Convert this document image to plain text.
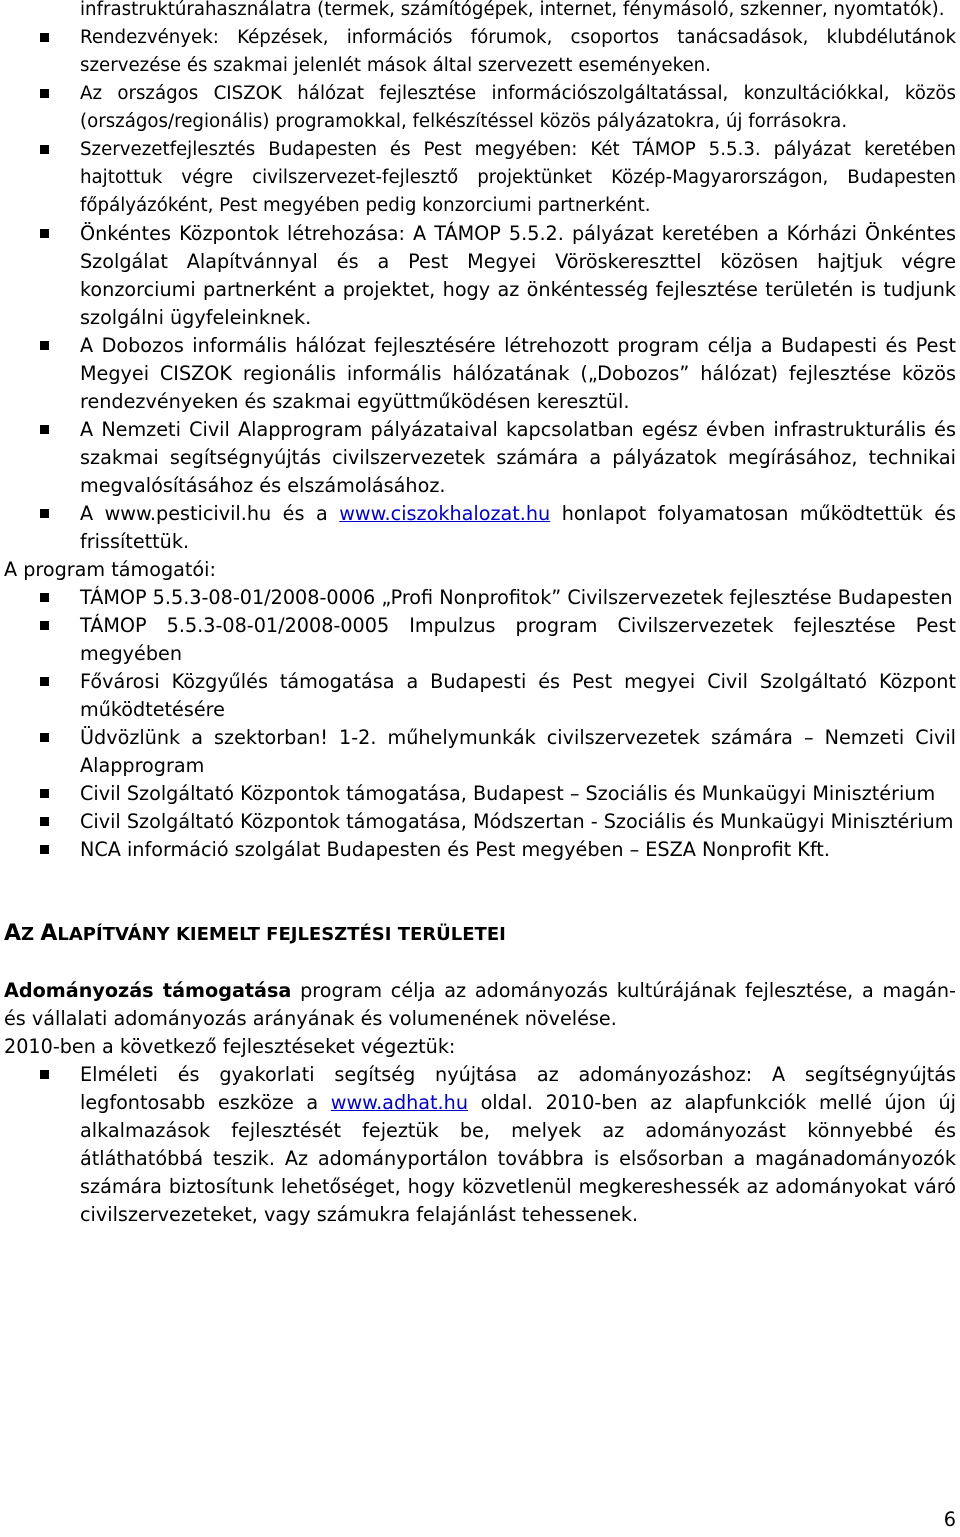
infrastruktúrahasználatra (termek, számítógépek, internet, fénymásoló, szkenner, nyomtatók).
Rendezvények: Képzések, információs fórumok, csoportos tanácsadások, klubdélutánok szervezése és szakmai jelenlét mások által szervezett eseményeken.
Az országos CISZOK hálózat fejlesztése információszolgáltatással, konzultációkkal, közös (országos/regionális) programokkal, felkészítéssel közös pályázatokra, új forrásokra.
Szervezetfejlesztés Budapesten és Pest megyében: Két TÁMOP 5.5.3. pályázat keretében hajtottuk végre civilszervezet-fejlesztő projektünket Közép-Magyarországon, Budapesten főpályázóként, Pest megyében pedig konzorciumi partnerként.
Önkéntes Központok létrehozása: A TÁMOP 5.5.2. pályázat keretében a Kórházi Önkéntes Szolgálat Alapítvánnyal és a Pest Megyei Vöröskereszttel közösen hajtjuk végre konzorciumi partnerként a projektet, hogy az önkéntesség fejlesztése területén is tudjunk szolgálni ügyfeleinknek.
A Dobozos informális hálózat fejlesztésére létrehozott program célja a Budapesti és Pest Megyei CISZOK regionális informális hálózatának („Dobozos” hálózat) fejlesztése közös rendezvényeken és szakmai együttműködésen keresztül.
A Nemzeti Civil Alapprogram pályázataival kapcsolatban egész évben infrastrukturális és szakmai segítségnyújtás civilszervezetek számára a pályázatok megírásához, technikai megvalósításához és elszámolásához.
A www.pesticivil.hu és a www.ciszokhalozat.hu honlapot folyamatosan működtettük és frissítettük.

A program támogatói:

TÁMOP 5.5.3-08-01/2008-0006 „Profi Nonprofitok” Civilszervezetek fejlesztése Budapesten
TÁMOP 5.5.3-08-01/2008-0005 Impulzus program Civilszervezetek fejlesztése Pest megyében
Fővárosi Közgyűlés támogatása a Budapesti és Pest megyei Civil Szolgáltató Központ működtetésére
Üdvözlünk a szektorban! 1-2. műhelymunkák civilszervezetek számára – Nemzeti Civil Alapprogram
Civil Szolgáltató Központok támogatása, Budapest – Szociális és Munkaügyi Minisztérium
Civil Szolgáltató Központok támogatása, Módszertan - Szociális és Munkaügyi Minisztérium
NCA információ szolgálat Budapesten és Pest megyében – ESZA Nonprofit Kft.

AZ ALAPÍTVÁNY KIEMELT FEJLESZTÉSI TERÜLETEI

Adományozás támogatása program célja az adományozás kultúrájának fejlesztése, a magán- és vállalati adományozás arányának és volumenének növelése.

2010-ben a következő fejlesztéseket végeztük:

Elméleti és gyakorlati segítség nyújtása az adományozáshoz: A segítségnyújtás legfontosabb eszköze a www.adhat.hu oldal. 2010-ben az alapfunkciók mellé újon új alkalmazások fejlesztését fejeztük be, melyek az adományozást könnyebbé és átláthatóbbá teszik. Az adományportálon továbbra is elsősorban a magánadományozók számára biztosítunk lehetőséget, hogy közvetlenül megkereshessék az adományokat váró civilszervezeteket, vagy számukra felajánlást tehessenek.
6
